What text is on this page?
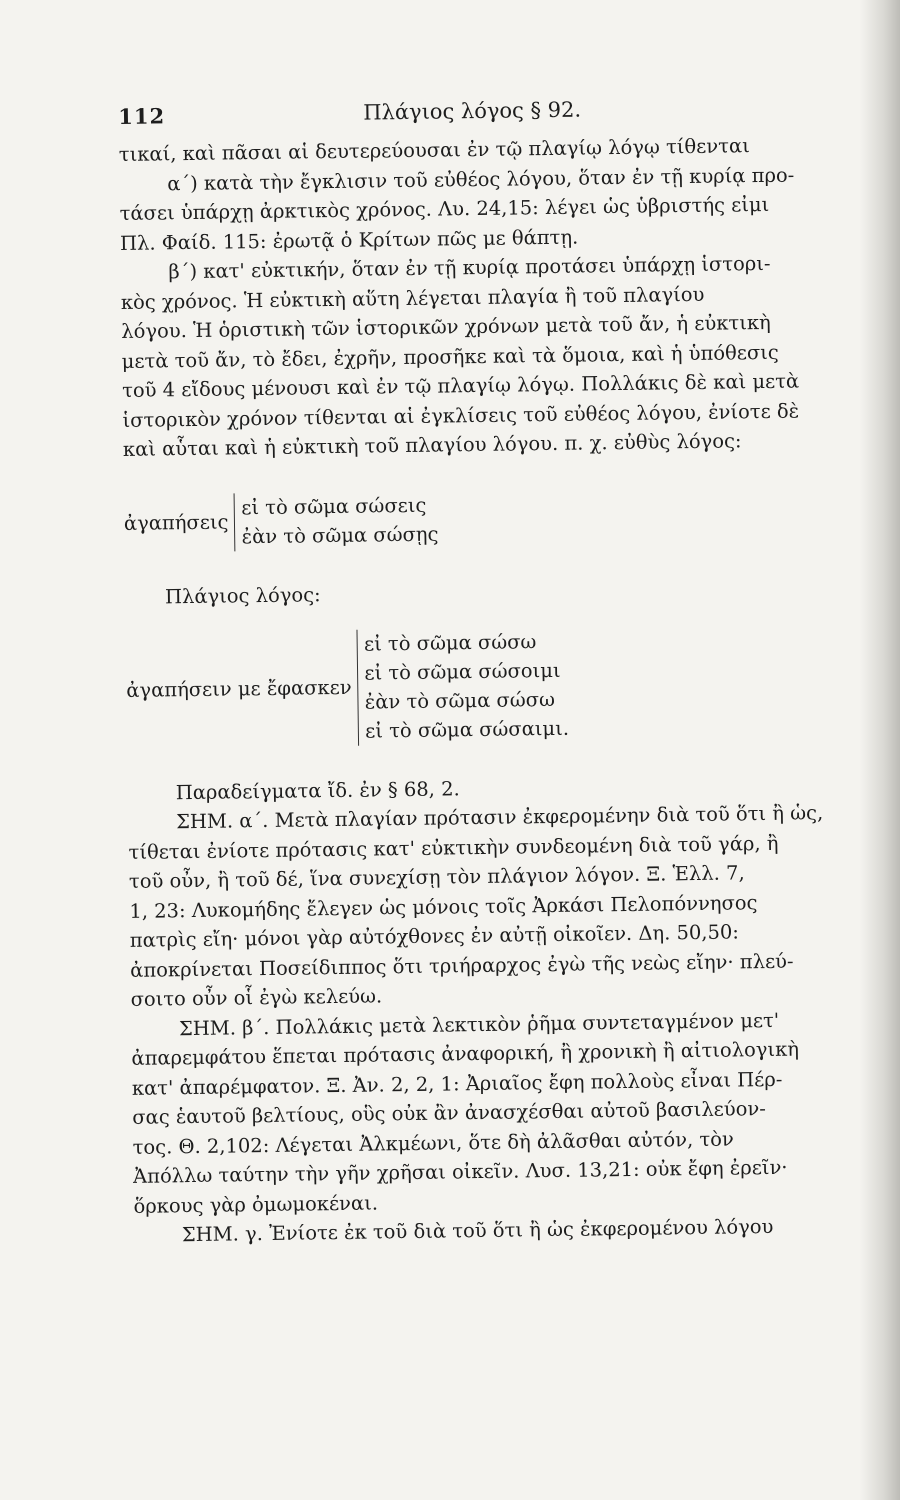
112	Πλάγιος λόγος § 92.

τικαί, καὶ πᾶσαι αἱ δευτερεύουσαι ἐν τῷ πλαγίῳ λόγῳ τίθενται

α΄) κατὰ τὴν ἔγκλισιν τοῦ εὐθέος λόγου, ὅταν ἐν τῇ κυρίᾳ προ-

τάσει ὑπάρχῃ ἀρκτικὸς χρόνος. Λυ. 24,15: λέγει ὡς ὑβριστής εἰμι

Πλ. Φαίδ. 115: ἐρωτᾷ ὁ Κρίτων πῶς με θάπτῃ.

β΄) κατ' εὐκτικήν, ὅταν ἐν τῇ κυρίᾳ προτάσει ὑπάρχῃ ἱστορι-

κὸς χρόνος. Ἡ εὐκτικὴ αὕτη λέγεται πλαγία ἢ τοῦ πλαγίου

λόγου. Ἡ ὁριστικὴ τῶν ἱστορικῶν χρόνων μετὰ τοῦ ἄν, ἡ εὐκτικὴ

μετὰ τοῦ ἄν, τὸ ἔδει, ἐχρῆν, προσῆκε καὶ τὰ ὅμοια, καὶ ἡ ὑπόθεσις

τοῦ 4 εἴδους μένουσι καὶ ἐν τῷ πλαγίῳ λόγῳ. Πολλάκις δὲ καὶ μετὰ

ἱστορικὸν χρόνον τίθενται αἱ ἐγκλίσεις τοῦ εὐθέος λόγου, ἐνίοτε δὲ

καὶ αὗται καὶ ἡ εὐκτικὴ τοῦ πλαγίου λόγου. π. χ. εὐθὺς λόγος:

ἀγαπήσεις
εἰ τὸ σῶμα σώσεις
ἐὰν τὸ σῶμα σώσῃς
Πλάγιος λόγος:
ἀγαπήσειν με ἔφασκεν
εἰ τὸ σῶμα σώσω
εἰ τὸ σῶμα σώσοιμι
ἐὰν τὸ σῶμα σώσω
εἰ τὸ σῶμα σώσαιμι.

Παραδείγματα ἴδ. ἐν § 68, 2.

ΣΗΜ. α΄. Μετὰ πλαγίαν πρότασιν ἐκφερομένην διὰ τοῦ ὅτι ἢ ὡς,

τίθεται ἐνίοτε πρότασις κατ' εὐκτικὴν συνδεομένη διὰ τοῦ γάρ, ἢ

τοῦ οὖν, ἢ τοῦ δέ, ἵνα συνεχίσῃ τὸν πλάγιον λόγον. Ξ. Ἑλλ. 7,

1, 23: Λυκομήδης ἔλεγεν ὡς μόνοις τοῖς Ἀρκάσι Πελοπόννησος

πατρὶς εἴη· μόνοι γὰρ αὐτόχθονες ἐν αὐτῇ οἰκοῖεν. Δη. 50,50:

ἀποκρίνεται Ποσείδιππος ὅτι τριήραρχος ἐγὼ τῆς νεὼς εἴην· πλεύ-

σοιτο οὖν οἷ ἐγὼ κελεύω.

ΣΗΜ. β΄. Πολλάκις μετὰ λεκτικὸν ῥῆμα συντεταγμένον μετ'

ἀπαρεμφάτου ἕπεται πρότασις ἀναφορική, ἢ χρονικὴ ἢ αἰτιολογικὴ

κατ' ἀπαρέμφατον. Ξ. Ἀν. 2, 2, 1: Ἀριαῖος ἔφη πολλοὺς εἶναι Πέρ-

σας ἑαυτοῦ βελτίους, οὓς οὐκ ἂν ἀνασχέσθαι αὐτοῦ βασιλεύον-

τος. Θ. 2,102: Λέγεται Ἀλκμέωνι, ὅτε δὴ ἀλᾶσθαι αὐτόν, τὸν

Ἀπόλλω ταύτην τὴν γῆν χρῆσαι οἰκεῖν. Λυσ. 13,21: οὐκ ἔφη ἐρεῖν·

ὅρκους γὰρ ὀμωμοκέναι.

ΣΗΜ. γ. Ἐνίοτε ἐκ τοῦ διὰ τοῦ ὅτι ἢ ὡς ἐκφερομένου λόγου
